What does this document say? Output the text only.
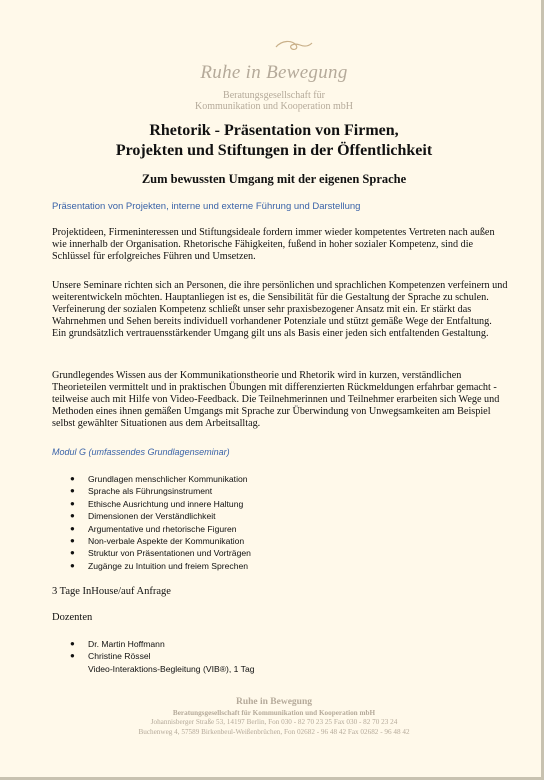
Ruhe in Bewegung
Beratungsgesellschaft für
Kommunikation und Kooperation mbH
Rhetorik - Präsentation von Firmen,
Projekten und Stiftungen in der Öffentlichkeit
Zum bewussten Umgang mit der eigenen Sprache
Präsentation von Projekten, interne und externe Führung und Darstellung

Projektideen, Firmeninteressen und Stiftungsideale fordern immer wieder kompetentes Vertreten nach außen wie innerhalb der Organisation. Rhetorische Fähigkeiten, fußend in hoher sozialer Kompetenz, sind die Schlüssel für erfolgreiches Führen und Umsetzen.

Unsere Seminare richten sich an Personen, die ihre persönlichen und sprachlichen Kompetenzen verfeinern und weiterentwickeln möchten. Hauptanliegen ist es, die Sensibilität für die Gestaltung der Sprache zu schulen. Verfeinerung der sozialen Kompetenz schließt unser sehr praxisbezogener Ansatz mit ein. Er stärkt das Wahrnehmen und Sehen bereits individuell vorhandener Potenziale und stützt gemäße Wege der Entfaltung. Ein grundsätzlich vertrauensstärkender Umgang gilt uns als Basis einer jeden sich entfaltenden Gestaltung.

Grundlegendes Wissen aus der Kommunikationstheorie und Rhetorik wird in kurzen, verständlichen Theorieteilen vermittelt und in praktischen Übungen mit differenzierten Rückmeldungen erfahrbar gemacht - teilweise auch mit Hilfe von Video-Feedback. Die Teilnehmerinnen und Teilnehmer erarbeiten sich Wege und Methoden eines ihnen gemäßen Umgangs mit Sprache zur Überwindung von Unwegsamkeiten am Beispiel selbst gewählter Situationen aus dem Arbeitsalltag.

Modul G (umfassendes Grundlagenseminar)
● Grundlagen menschlicher Kommunikation
● Sprache als Führungsinstrument
● Ethische Ausrichtung und innere Haltung
● Dimensionen der Verständlichkeit
● Argumentative und rhetorische Figuren
● Non-verbale Aspekte der Kommunikation
● Struktur von Präsentationen und Vorträgen
● Zugänge zu Intuition und freiem Sprechen
3 Tage InHouse/auf Anfrage
Dozenten
● Dr. Martin Hoffmann
● Christine Rössel
Video-Interaktions-Begleitung (VIB®), 1 Tag
Ruhe in Bewegung
Beratungsgesellschaft für Kommunikation und Kooperation mbH
Johannisberger Straße 53, 14197 Berlin, Fon 030 - 82 70 23 25 Fax 030 - 82 70 23 24
Buchenweg 4, 57589 Birkenbeul-Weißenbrüchen, Fon 02682 - 96 48 42 Fax 02682 - 96 48 42
